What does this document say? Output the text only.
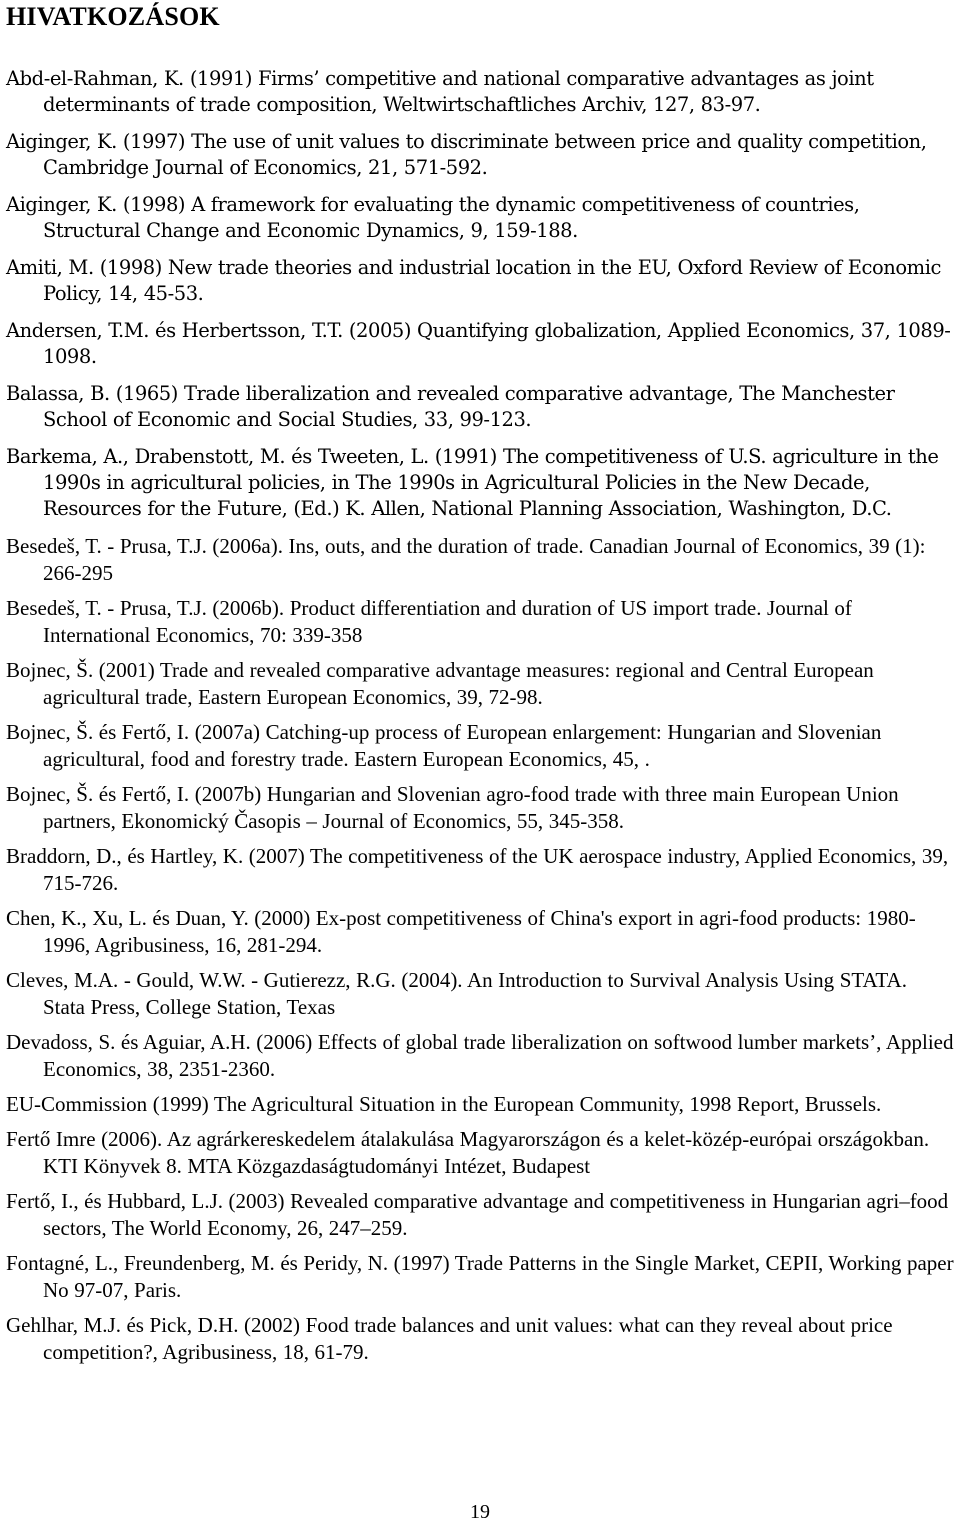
HIVATKOZÁSOK
Abd-el-Rahman, K. (1991) Firms’ competitive and national comparative advantages as joint determinants of trade composition, Weltwirtschaftliches Archiv, 127, 83-97.
Aiginger, K. (1997) The use of unit values to discriminate between price and quality competition, Cambridge Journal of Economics, 21, 571-592.
Aiginger, K. (1998) A framework for evaluating the dynamic competitiveness of countries, Structural Change and Economic Dynamics, 9, 159-188.
Amiti, M. (1998) New trade theories and industrial location in the EU, Oxford Review of Economic Policy, 14, 45-53.
Andersen, T.M. és Herbertsson, T.T. (2005) Quantifying globalization, Applied Economics, 37, 1089-1098.
Balassa, B. (1965) Trade liberalization and revealed comparative advantage, The Manchester School of Economic and Social Studies, 33, 99-123.
Barkema, A., Drabenstott, M. és Tweeten, L. (1991) The competitiveness of U.S. agriculture in the 1990s in agricultural policies, in The 1990s in Agricultural Policies in the New Decade, Resources for the Future, (Ed.) K. Allen, National Planning Association, Washington, D.C.
Besedeš, T. - Prusa, T.J. (2006a). Ins, outs, and the duration of trade. Canadian Journal of Economics, 39 (1): 266-295
Besedeš, T. - Prusa, T.J. (2006b). Product differentiation and duration of US import trade. Journal of International Economics, 70: 339-358
Bojnec, Š. (2001) Trade and revealed comparative advantage measures: regional and Central European agricultural trade, Eastern European Economics, 39, 72-98.
Bojnec, Š. és Fertő, I. (2007a) Catching-up process of European enlargement: Hungarian and Slovenian agricultural, food and forestry trade. Eastern European Economics, 45, .
Bojnec, Š. és Fertő, I. (2007b) Hungarian and Slovenian agro-food trade with three main European Union partners, Ekonomický Časopis – Journal of Economics, 55, 345-358.
Braddorn, D., és Hartley, K. (2007) The competitiveness of the UK aerospace industry, Applied Economics, 39, 715-726.
Chen, K., Xu, L. és Duan, Y. (2000) Ex-post competitiveness of China's export in agri-food products: 1980-1996, Agribusiness, 16, 281-294.
Cleves, M.A. - Gould, W.W. - Gutierezz, R.G. (2004). An Introduction to Survival Analysis Using STATA. Stata Press, College Station, Texas
Devadoss, S. és Aguiar, A.H. (2006) Effects of global trade liberalization on softwood lumber markets’, Applied Economics, 38, 2351-2360.
EU-Commission (1999) The Agricultural Situation in the European Community, 1998 Report, Brussels.
Fertő Imre (2006). Az agrárkereskedelem átalakulása Magyarországon és a kelet-közép-európai országokban. KTI Könyvek 8. MTA Közgazdaságtudományi Intézet, Budapest
Fertő, I., és Hubbard, L.J. (2003) Revealed comparative advantage and competitiveness in Hungarian agri–food sectors, The World Economy, 26, 247–259.
Fontagné, L., Freundenberg, M. és Peridy, N. (1997) Trade Patterns in the Single Market, CEPII, Working paper No 97-07, Paris.
Gehlhar, M.J. és Pick, D.H. (2002) Food trade balances and unit values: what can they reveal about price competition?, Agribusiness, 18, 61-79.
19
